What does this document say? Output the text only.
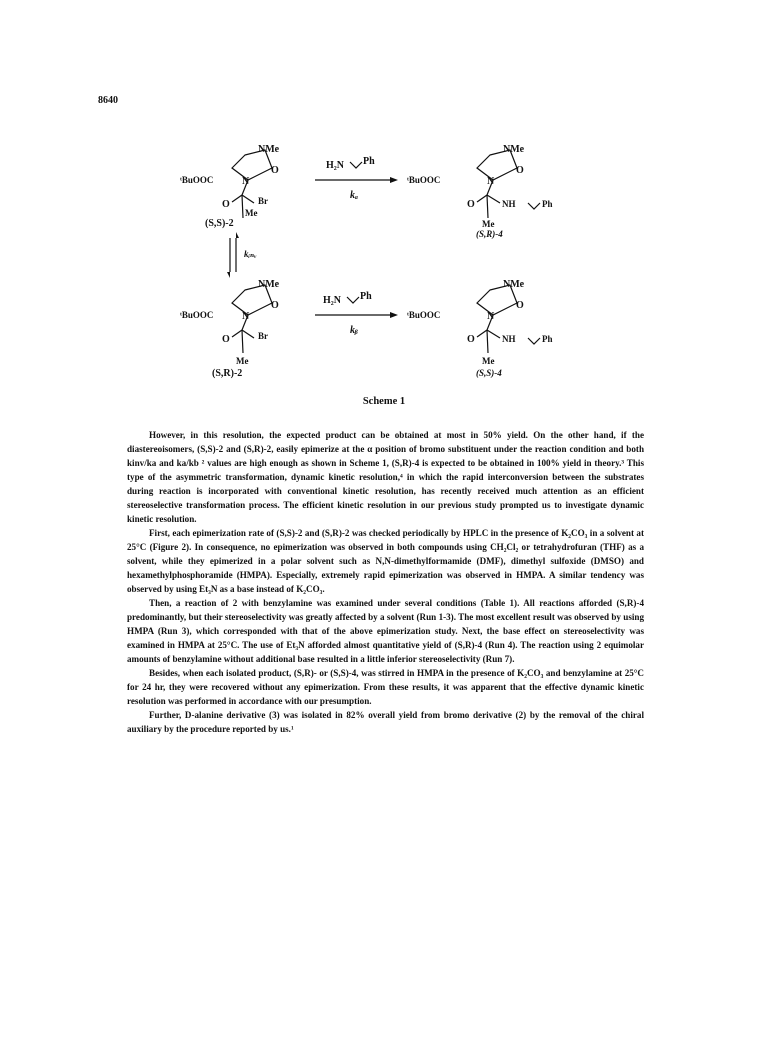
8640
NMe
ᵗBuOOC	N
O
O	Br
Me
(S,S)-2
H₂N Ph
kₐ
NMe
ᵗBuOOC	N
O
O	NH	Ph
Me
(S,R)-4
kᵢₙᵥ
NMe
ᵗBuOOC	N
O
O	Br
Me
(S,R)-2
H₂N Ph
kᵦ
NMe
ᵗBuOOC	N
O
O	NH	Ph
Me
(S,S)-4
Scheme 1

However, in this resolution, the expected product can be obtained at most in 50% yield. On the other hand, if the diastereoisomers, (S,S)-2 and (S,R)-2, easily epimerize at the α position of bromo substituent under the reaction condition and both kinv/ka and ka/kb ² values are high enough as shown in Scheme 1, (S,R)-4 is expected to be obtained in 100% yield in theory.³ This type of the asymmetric transformation, dynamic kinetic resolution,⁴ in which the rapid interconversion between the substrates during reaction is incorporated with conventional kinetic resolution, has recently received much attention as an efficient stereoselective transformation process. The efficient kinetic resolution in our previous study prompted us to investigate dynamic kinetic resolution.

First, each epimerization rate of (S,S)-2 and (S,R)-2 was checked periodically by HPLC in the presence of K₂CO₃ in a solvent at 25°C (Figure 2). In consequence, no epimerization was observed in both compounds using CH₂Cl₂ or tetrahydrofuran (THF) as a solvent, while they epimerized in a polar solvent such as N,N-dimethylformamide (DMF), dimethyl sulfoxide (DMSO) and hexamethylphosphoramide (HMPA). Especially, extremely rapid epimerization was observed in HMPA. A similar tendency was observed by using Et₃N as a base instead of K₂CO₃.

Then, a reaction of 2 with benzylamine was examined under several conditions (Table 1). All reactions afforded (S,R)-4 predominantly, but their stereoselectivity was greatly affected by a solvent (Run 1-3). The most excellent result was observed by using HMPA (Run 3), which corresponded with that of the above epimerization study. Next, the base effect on stereoselectivity was examined in HMPA at 25°C. The use of Et₃N afforded almost quantitative yield of (S,R)-4 (Run 4). The reaction using 2 equimolar amounts of benzylamine without additional base resulted in a little inferior stereoselectivity (Run 7).

Besides, when each isolated product, (S,R)- or (S,S)-4, was stirred in HMPA in the presence of K₂CO₃ and benzylamine at 25°C for 24 hr, they were recovered without any epimerization. From these results, it was apparent that the effective dynamic kinetic resolution was performed in accordance with our presumption.

Further, D-alanine derivative (3) was isolated in 82% overall yield from bromo derivative (2) by the removal of the chiral auxiliary by the procedure reported by us.¹
